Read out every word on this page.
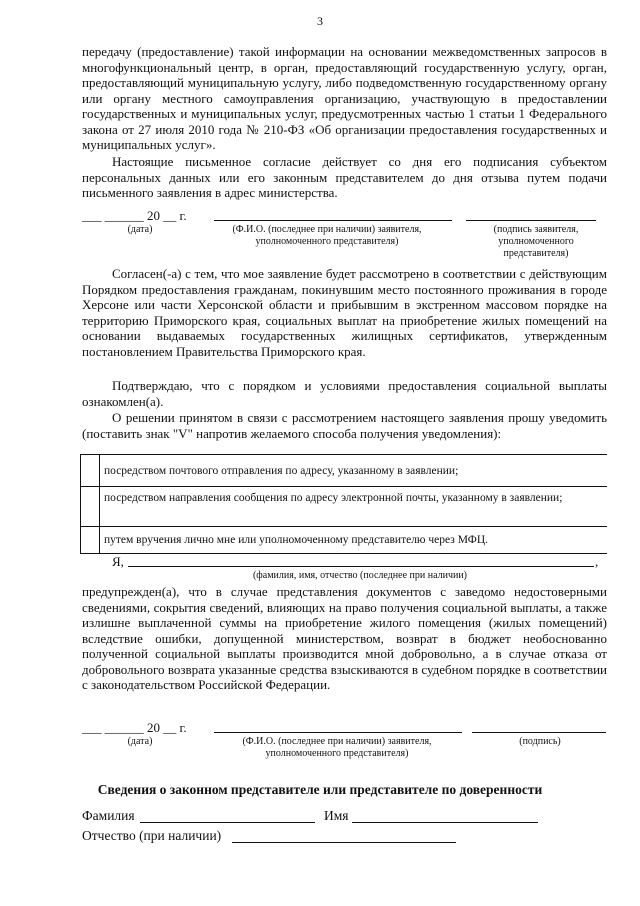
3
передачу (предоставление) такой информации на основании межведомственных запросов в многофункциональный центр, в орган, предоставляющий государственную услугу, орган, предоставляющий муниципальную услугу, либо подведомственную государственному органу или органу местного самоуправления организацию, участвующую в предоставлении государственных и муниципальных услуг, предусмотренных частью 1 статьи 1 Федерального закона от 27 июля 2010 года № 210-ФЗ «Об организации предоставления государственных и муниципальных услуг».
Настоящие письменное согласие действует со дня его подписания субъектом персональных данных или его законным представителем до дня отзыва путем подачи письменного заявления в адрес министерства.
___ ______ 20 __ г.
(дата)	(Ф.И.О. (последнее при наличии) заявителя, уполномоченного представителя)
(подпись заявителя, уполномоченного представителя)
Согласен(-а) с тем, что мое заявление будет рассмотрено в соответствии с действующим Порядком предоставления гражданам, покинувшим место постоянного проживания в городе Херсоне или части Херсонской области и прибывшим в экстренном массовом порядке на территорию Приморского края, социальных выплат на приобретение жилых помещений на основании выдаваемых государственных жилищных сертификатов, утвержденным постановлением Правительства Приморского края.
Подтверждаю, что с порядком и условиями предоставления социальной выплаты ознакомлен(а).
О решении принятом в связи с рассмотрением настоящего заявления прошу уведомить (поставить знак "V" напротив желаемого способа получения уведомления):
посредством почтового отправления по адресу, указанному в заявлении;
посредством направления сообщения по адресу электронной почты, указанному в заявлении;
путем вручения лично мне или уполномоченному представителю через МФЦ.
Я,	,
(фамилия, имя, отчество (последнее при наличии)
предупрежден(а), что в случае представления документов с заведомо недостоверными сведениями, сокрытия сведений, влияющих на право получения социальной выплаты, а также излишне выплаченной суммы на приобретение жилого помещения (жилых помещений) вследствие ошибки, допущенной министерством, возврат в бюджет необоснованно полученной социальной выплаты производится мной добровольно, а в случае отказа от добровольного возврата указанные средства взыскиваются в судебном порядке в соответствии с законодательством Российской Федерации.
___ ______ 20 __ г.
(дата)	(Ф.И.О. (последнее при наличии) заявителя, уполномоченного представителя)
(подпись)
Сведения о законном представителе или представителе по доверенности
Фамилия	Имя
Отчество (при наличии)
